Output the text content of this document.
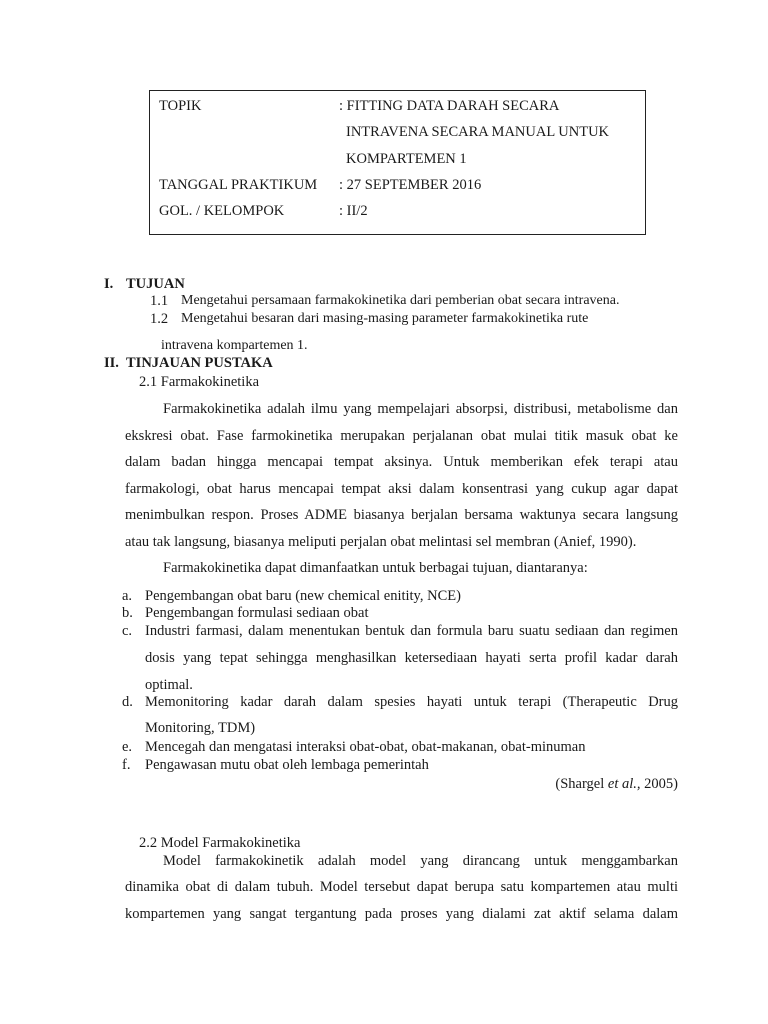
TOPIK	: FITTING DATA DARAH SECARA
INTRAVENA SECARA MANUAL UNTUK
KOMPARTEMEN 1
TANGGAL PRAKTIKUM : 27 SEPTEMBER 2016
GOL. / KELOMPOK	: II/2
I. TUJUAN
1.1 Mengetahui persamaan farmakokinetika dari pemberian obat secara intravena.
1.2 Mengetahui besaran dari masing-masing parameter farmakokinetika rute
intravena kompartemen 1.
II. TINJAUAN PUSTAKA
2.1 Farmakokinetika
Farmakokinetika adalah ilmu yang mempelajari absorpsi, distribusi, metabolisme dan
ekskresi obat. Fase farmokinetika merupakan perjalanan obat mulai titik masuk obat ke
dalam badan hingga mencapai tempat aksinya. Untuk memberikan efek terapi atau
farmakologi, obat harus mencapai tempat aksi dalam konsentrasi yang cukup agar dapat
menimbulkan respon. Proses ADME biasanya berjalan bersama waktunya secara langsung
atau tak langsung, biasanya meliputi perjalan obat melintasi sel membran (Anief, 1990).
Farmakokinetika dapat dimanfaatkan untuk berbagai tujuan, diantaranya:
a. Pengembangan obat baru (new chemical enitity, NCE)
b. Pengembangan formulasi sediaan obat
c. Industri farmasi, dalam menentukan bentuk dan formula baru suatu sediaan dan regimen
dosis yang tepat sehingga menghasilkan ketersediaan hayati serta profil kadar darah
optimal.
d. Memonitoring kadar darah dalam spesies hayati untuk terapi (Therapeutic Drug
Monitoring, TDM)
e. Mencegah dan mengatasi interaksi obat-obat, obat-makanan, obat-minuman
f. Pengawasan mutu obat oleh lembaga pemerintah
(Shargel et al., 2005)
2.2 Model Farmakokinetika
Model farmakokinetik adalah model yang dirancang untuk menggambarkan
dinamika obat di dalam tubuh. Model tersebut dapat berupa satu kompartemen atau multi
kompartemen yang sangat tergantung pada proses yang dialami zat aktif selama dalam
